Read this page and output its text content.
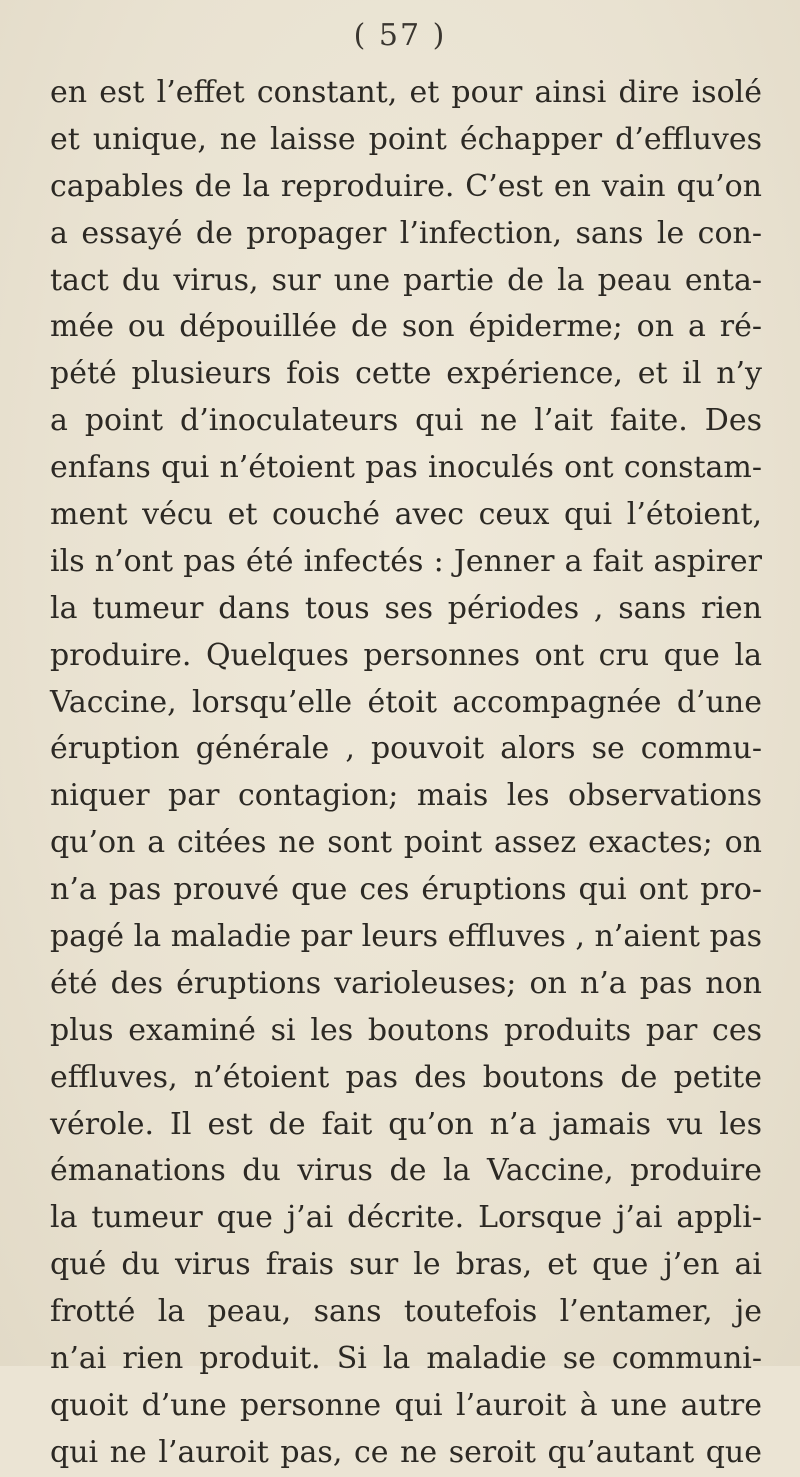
( 57 )
en est l’effet constant, et pour ainsi dire isolé
et unique, ne laisse point échapper d’effluves
capables de la reproduire. C’est en vain qu’on
a essayé de propager l’infection, sans le con-
tact du virus, sur une partie de la peau enta-
mée ou dépouillée de son épiderme; on a ré-
pété plusieurs fois cette expérience, et il n’y
a point d’inoculateurs qui ne l’ait faite. Des
enfans qui n’étoient pas inoculés ont constam-
ment vécu et couché avec ceux qui l’étoient,
ils n’ont pas été infectés : Jenner a fait aspirer
la tumeur dans tous ses périodes , sans rien
produire. Quelques personnes ont cru que la
Vaccine, lorsqu’elle étoit accompagnée d’une
éruption générale , pouvoit alors se commu-
niquer par contagion; mais les observations
qu’on a citées ne sont point assez exactes; on
n’a pas prouvé que ces éruptions qui ont pro-
pagé la maladie par leurs effluves , n’aient pas
été des éruptions varioleuses; on n’a pas non
plus examiné si les boutons produits par ces
effluves, n’étoient pas des boutons de petite
vérole. Il est de fait qu’on n’a jamais vu les
émanations du virus de la Vaccine, produire
la tumeur que j’ai décrite. Lorsque j’ai appli-
qué du virus frais sur le bras, et que j’en ai
frotté la peau, sans toutefois l’entamer, je
n’ai rien produit. Si la maladie se communi-
quoit d’une personne qui l’auroit à une autre
qui ne l’auroit pas, ce ne seroit qu’autant que
